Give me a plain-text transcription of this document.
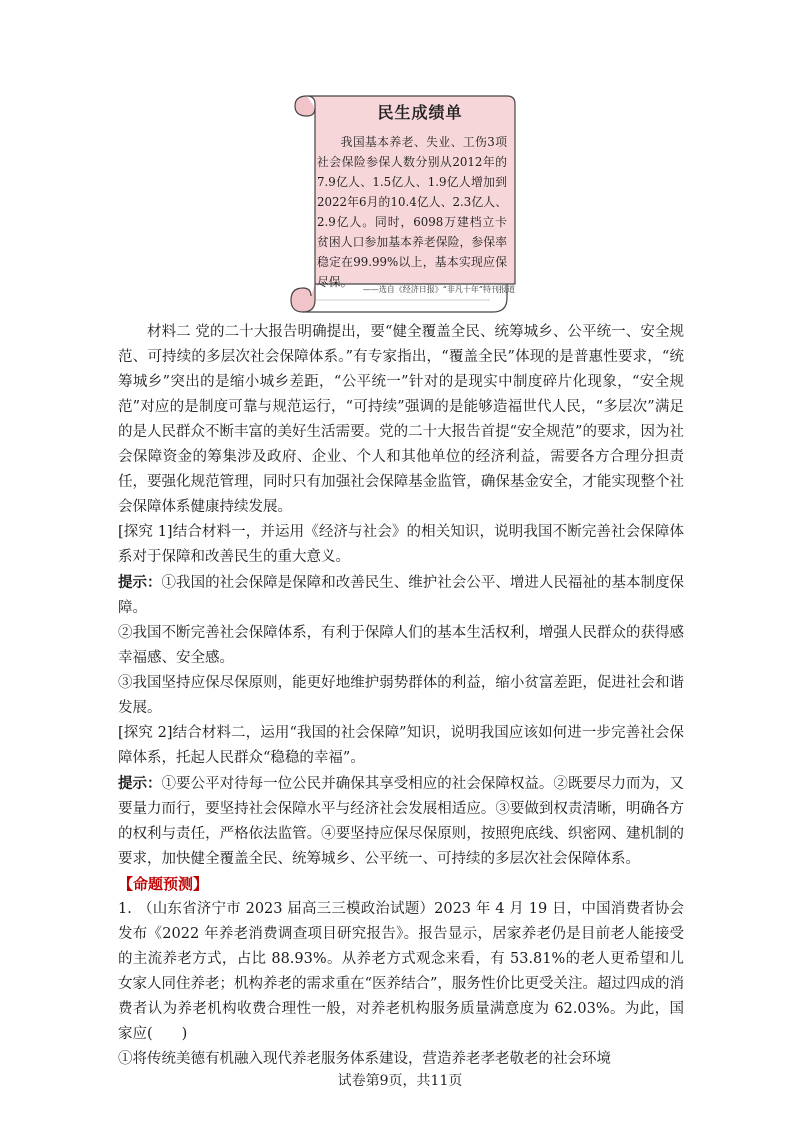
民生成绩单
我国基本养老、失业、工伤3项社会保险参保人数分别从2012年的7.9亿人、1.5亿人、1.9亿人增加到2022年6月的10.4亿人、2.3亿人、2.9亿人。同时，6098万建档立卡贫困人口参加基本养老保险，参保率稳定在99.99%以上，基本实现应保尽保。
——选自《经济日报》“非凡十年”特刊报道

材料二 党的二十大报告明确提出，要“健全覆盖全民、统筹城乡、公平统一、安全规范、可持续的多层次社会保障体系。”有专家指出，“覆盖全民”体现的是普惠性要求，“统筹城乡”突出的是缩小城乡差距，“公平统一”针对的是现实中制度碎片化现象，“安全规范”对应的是制度可靠与规范运行，“可持续”强调的是能够造福世代人民，“多层次”满足的是人民群众不断丰富的美好生活需要。党的二十大报告首提“安全规范”的要求，因为社会保障资金的筹集涉及政府、企业、个人和其他单位的经济利益，需要各方合理分担责任，要强化规范管理，同时只有加强社会保障基金监管，确保基金安全，才能实现整个社会保障体系健康持续发展。

[探究 1]结合材料一，并运用《经济与社会》的相关知识，说明我国不断完善社会保障体系对于保障和改善民生的重大意义。

提示：①我国的社会保障是保障和改善民生、维护社会公平、增进人民福祉的基本制度保障。

②我国不断完善社会保障体系，有利于保障人们的基本生活权利，增强人民群众的获得感幸福感、安全感。

③我国坚持应保尽保原则，能更好地维护弱势群体的利益，缩小贫富差距，促进社会和谐发展。

[探究 2]结合材料二，运用“我国的社会保障”知识，说明我国应该如何进一步完善社会保障体系，托起人民群众“稳稳的幸福”。

提示：①要公平对待每一位公民并确保其享受相应的社会保障权益。②既要尽力而为，又要量力而行，要坚持社会保障水平与经济社会发展相适应。③要做到权责清晰，明确各方的权利与责任，严格依法监管。④要坚持应保尽保原则，按照兜底线、织密网、建机制的要求，加快健全覆盖全民、统筹城乡、公平统一、可持续的多层次社会保障体系。

【命题预测】

1. （山东省济宁市 2023 届高三三模政治试题）2023 年 4 月 19 日，中国消费者协会发布《2022 年养老消费调查项目研究报告》。报告显示，居家养老仍是目前老人能接受的主流养老方式，占比 88.93%。从养老方式观念来看，有 53.81%的老人更希望和儿女家人同住养老；机构养老的需求重在“医养结合”，服务性价比更受关注。超过四成的消费者认为养老机构收费合理性一般，对养老机构服务质量满意度为 62.03%。为此，国家应(　　)

①将传统美德有机融入现代养老服务体系建设，营造养老孝老敬老的社会环境

试卷第9页，共11页
